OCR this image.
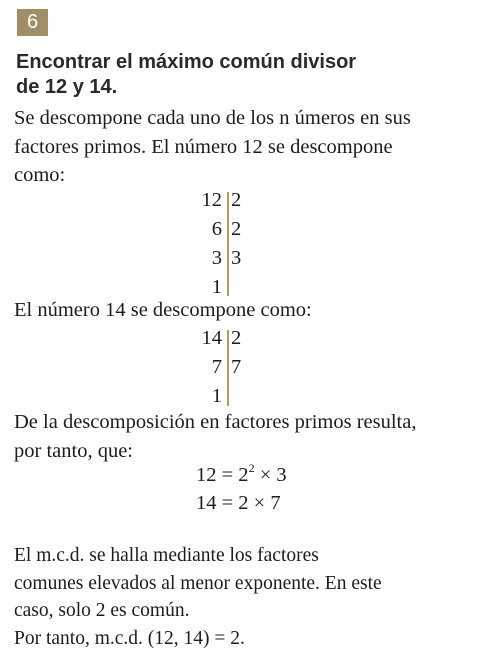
6
Encontrar el máximo común divisor
de 12 y 14.
Se descompone cada uno de los n úmeros en sus
factores primos. El número 12 se descompone
como:
12 2
6 2
3 3
1
El número 14 se descompone como:
14 2
7 7
1
De la descomposición en factores primos resulta,
por tanto, que:
$12 = 2^2 \times 3$
14 = 2 × 7
El m.c.d. se halla mediante los factores
comunes elevados al menor exponente. En este
caso, solo 2 es común.
Por tanto, m.c.d. (12, 14) = 2.
